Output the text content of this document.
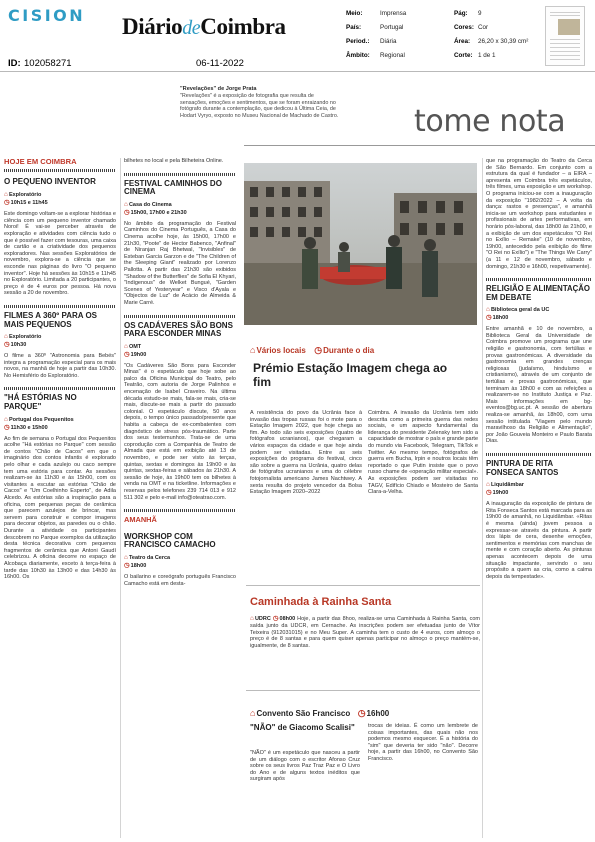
CISION
ID: 102058271
DiáriodeCoimbra
06-11-2022
Meio:	Imprensa
País:	Portugal
Period.: Diária
Âmbito: Regional
Pág: 9
Cores: Cor
Área: 26,20 x 30,39 cm²
Corte: 1 de 1
"Revelações" de Jorge Prata
"Revelações" é a exposição de fotografia que resulta de sensações, emoções e sentimentos, que se foram enraizando no fotógrafo durante a contemplação, que dedicou à Última Ceia, de Hodart Vyryo, exposto no Museu Nacional de Machado de Castro.	tome nota
HOJE EM COIMBRA
O PEQUENO INVENTOR
⌂Exploratório
◷10h15 e 11h45
Este domingo voltam-se a explorar histórias e ciência com um pequeno inventor chamado Noroi! É vai-se perceber através de exploração e atividades com ciência tudo o que é possível fazer com tesouras, uma caixa de cartão e a criatividade dos pequenos exploradores. Nas sessões Exploratórios de novembro, explora-se a ciência que se esconde nas páginas do livro "O pequeno inventor". Hoje há sessões às 10h15 e 11h45 no Exploratório. Limitada a 20 participantes, o preço é de 4 euros por pessoa. Há nova sessão a 20 de novembro.
FILMES A 360º PARA OS MAIS PEQUENOS
⌂Exploratório
◷10h30
O filme a 360º "Astronomia para Bebés" integra a programação especial para os mais novos, na manhã de hoje a partir das 10h30. No Hemisfério do Exploratório.
"HÁ ESTÓRIAS NO PARQUE"
⌂Portugal dos Pequenitos
◷11h30 e 15h00
Ao fim de semana o Portugal dos Pequenitos acolhe "Há estórias no Parque" com sessão de contos "Chão de Cacos" em que o imaginário dos contos infantis é explorado pelo olhar e cada azulejo ou caco sempre tem uma estória para contar. As sessões realizam-se às 11h30 e às 15h00, com os visitantes a escutar as estórias "Chão de Cacos" e "Um Coelhinho Esperto", de Adila Alcedo. As estórias são a inspiração para a oficina, com pequenas peças de cerâmica que parecem azulejos de brincar, mas servem para construir e compor imagens para decorar objetos, as paredes ou o chão. Durante a atividade os participantes descobrem no Parque exemplos da utilização desta técnica decorativa com pequenos fragmentos de cerâmica que Antoni Gaudí celebrizou. A oficina decorre no espaço de Alcobaça diariamente, exceto à terça-feira à tarde das 10h30 às 13h00 e das 14h30 às 16h00. Os
bilhetes no local e pela Bilheteira Online.
FESTIVAL CAMINHOS DO CINEMA
⌂Casa do Cinema
◷15h00, 17h00 e 21h30
No âmbito da programação do Festival Caminhos do Cinema Português, a Casa do Cinema acolhe hoje, às 15h00, 17h00 e 21h30, "Poote" de Hector Babenco, "Anfinal" de Niranjan Raj Bhetwal, "Invisibles" de Esteban Garcia Garzon e de "The Children of the Sleeping Giant" realizado por Lorenzo Pallotta. A partir das 21h30 são exibidos "Shadow of the Butterflies" de Sofia El Khyari, "Indigenous" de Welket Bungué, "Garden Scenes of Yesteryear" e Visco d'Ayala e "Objectos de Luz" de Acácio de Almeida & Marie Carré.
OS CADÁVERES SÃO BONS PARA ESCONDER MINAS
⌂OMT
◷19h00
"Os Cadáveres São Bons para Esconder Minas" é o espetáculo que hoje sobe ao palco da Oficina Municipal do Teatro, pelo Teatrão, com autoria de Jorge Palinhos e encenação de Isabel Craveiro. Na última década estudo-se mais, fala-se mais, cria-se mais, discute-se mais a partir do passado colonial. O espetáculo discute, 50 anos depois, o tempo único passado/presente que habita a cabeça de ex-combatentes com diagnóstico de stress pós-traumático. Parte dos seus testemunhos. Trata-se de uma coprodução com a Companhia de Teatro de Almada que está em exibição até 13 de novembro, e pode ser visto às terças, quintas, sextas e domingos às 19h00 e às quintas, sextas-feiras e sábados às 21h30. A sessão de hoje, às 19h00 tem os bilhetes à venda na OMT e na ticketline. Informações e reservas pelos telefones 239 714 013 e 912 511 302 e pelo e-mail info@oteatrao.com.
AMANHÃ
WORKSHOP COM FRANCISCO CAMACHO
⌂Teatro da Cerca
◷18h00
O bailarino e coreógrafo português Francisco Camacho está em desta-
⌂Vários locais ◷Durante o dia
Prémio Estação Imagem chega ao fim
A resistência do povo da Ucrânia face à invasão das tropas russas foi o mote para o Estação Imagem 2022, que hoje chega ao fim. Ao todo são seis exposições (quatro de fotógrafos ucranianos), que chegaram a vários espaços da cidade e que hoje ainda podem ser visitadas. Entre as seis exposições do programa do festival, cinco são sobre a guerra na Ucrânia, quatro delas de fotógrafos ucranianos e uma do célebre fotojornalista americano James Nachtwey. A sexta resulta do projeto vencedor da Bolsa Estação Imagem 2020–2022
Coimbra. A invasão da Ucrânia tem sido descrita como a primeira guerra das redes sociais, e um aspecto fundamental da liderança do presidente Zelensky tem sido a capacidade de mostrar o país e grande parte do mundo via Facebook, Telegram, TikTok e Twitter. Ao mesmo tempo, fotógrafos de guerra em Bucha, Irpin e noutros locais têm reportado o que Putin insiste que o povo russo chame de «operação militar especial». As exposições podem ser visitadas no TAGV, Edifício Chiado e Mosteiro de Santa Clara-a-Velha.
Caminhada à Rainha Santa
⌂UDRC ◷08h00 Hoje, a partir das 8hoo, realiza-se uma Caminhada à Rainha Santa, com saída junto da UDCR, em Cernache. As inscrições podem ser efetuadas junto de Vítor Teixeira (912031015) e no Meu Super. A caminha tem o custo de 4 euros, com almoço o preço é de 8 santas e para quem quiser apenas participar no almoço o preço mantém-se, igualmente, de 8 santas.
⌂Convento São Francisco ◷16h00
"NÃO" de Giacomo Scalisi"
"NÃO" é um espetáculo que nasceu a partir de um diálogo com o escritor Afonso Cruz sobre os seus livros Paz Traz Paz e O Livro do Ano e de alguns textos inéditos que surgiram após
trocas de ideias. É como um lembrete de coisas importantes, das quais não nos podemos mesmo esquecer. É a história do "sim" que deveria ter sido "não". Decorre hoje, a partir das 16h00, no Convento São Francisco.
que na programação do Teatro da Cerca de São Bernardo. Em conjunto com a estrutura da qual é fundador – a EIRA – apresenta em Coimbra três espetáculos, três filmes, uma exposição e um workshop. O programa iniciou-se com a inauguração da exposição "1982/2022 – A volta da dança: rastos e presenças", e amanhã inicia-se um workshop para estudantes e profissionais de artes performativas, em horário pós-laboral, das 18h00 às 21h00, e a exibição de um dos espetáculos "O Rei no Exílio – Remake" (10 de novembro, 19h00, antecedido pela exibição do filme "O Rei no Exílio") e "The Things We Carry" (a 11 e 12 de novembro, sábado e domingo, 21h30 e 16h00, respetivamente).
RELIGIÃO E ALIMENTAÇÃO EM DEBATE
⌂Biblioteca geral da UC
◷18h00
Entre amanhã e 10 de novembro, a Biblioteca Geral da Universidade de Coimbra promove um programa que une religião e gastronomia, com tertúlias e provas gastronómicas. A diversidade da gastronomia em grandes crenças religiosas (judaísmo, hinduísmo e cristianismo), através de um conjunto de tertúlias e provas gastronómicas, que terminam às 18h00 e com as refeições a realizarem-se no Instituto Justiça e Paz. Mais informações em bg-eventos@bg.uc.pt. A sessão de abertura realiza-se amanhã, às 18h00, com uma sessão intitulada "Viagem pelo mundo maravilhoso da Religião e Alimentação", por João Gouveia Monteiro e Paulo Barata Dias.
PINTURA DE RITA FONSECA SANTOS
⌂Liquidâmbar
◷19h00
A inauguração da exposição de pintura de Rita Fonseca Santos está marcada para as 19h00 de amanhã, no Liquidâmbar. «Ritas é mesma (ainda) jovem pessoa a expressar-se através da pintura. A partir dos lápis de cera, desenhe emoções, sentimentos e memórias com manchas de mente e com coração aberto. As pinturas apenas acontecem depois de uma situação impactante, servindo o seu propósito a quem as cria, como a calma depois da tempestade».
